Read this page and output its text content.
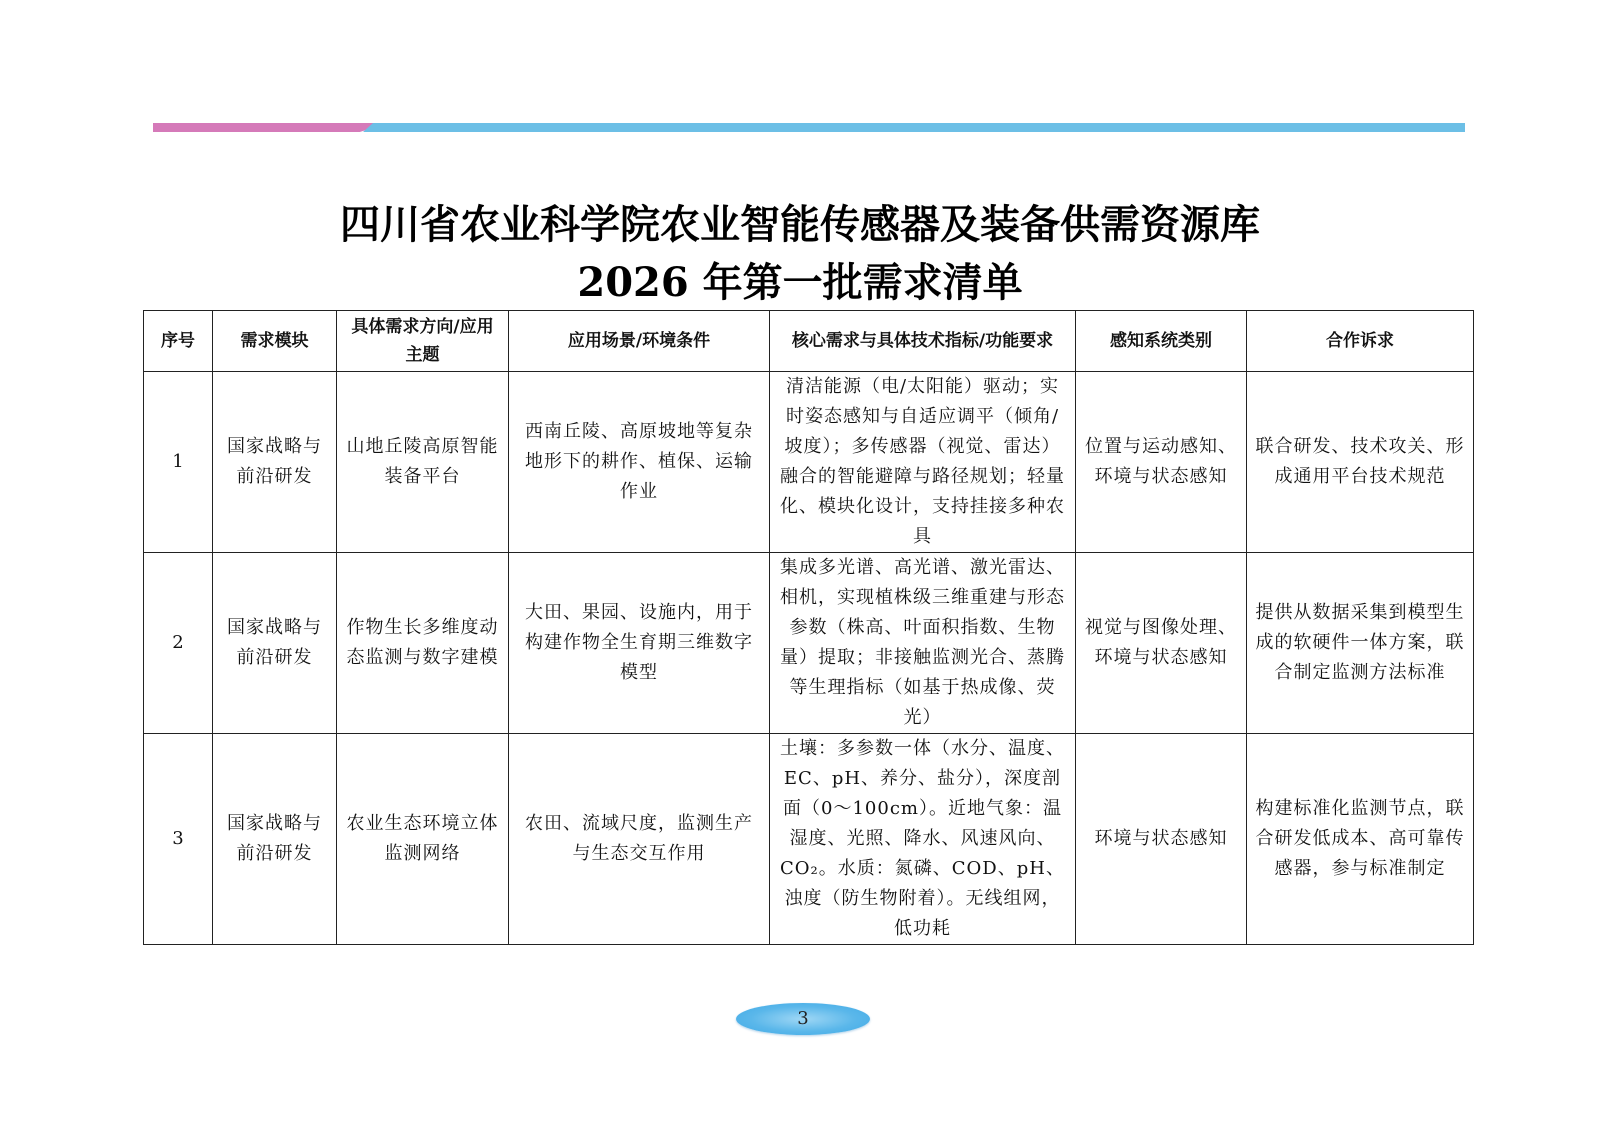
四川省农业科学院农业智能传感器及装备供需资源库
2026 年第一批需求清单
序号	需求模块	具体需求方向/应用主题	应用场景/环境条件	核心需求与具体技术指标/功能要求	感知系统类别	合作诉求
1	国家战略与前沿研发	山地丘陵高原智能装备平台	西南丘陵、高原坡地等复杂地形下的耕作、植保、运输作业	清洁能源（电/太阳能）驱动；实时姿态感知与自适应调平（倾角/坡度）；多传感器（视觉、雷达）融合的智能避障与路径规划；轻量化、模块化设计，支持挂接多种农具	位置与运动感知、环境与状态感知	联合研发、技术攻关、形成通用平台技术规范
2	国家战略与前沿研发	作物生长多维度动态监测与数字建模	大田、果园、设施内，用于构建作物全生育期三维数字模型	集成多光谱、高光谱、激光雷达、相机，实现植株级三维重建与形态参数（株高、叶面积指数、生物量）提取；非接触监测光合、蒸腾等生理指标（如基于热成像、荧光）	视觉与图像处理、环境与状态感知	提供从数据采集到模型生成的软硬件一体方案，联合制定监测方法标准
3	国家战略与前沿研发	农业生态环境立体监测网络	农田、流域尺度，监测生产与生态交互作用	土壤：多参数一体（水分、温度、EC、pH、养分、盐分），深度剖面（0～100cm）。近地气象：温湿度、光照、降水、风速风向、CO₂。水质：氮磷、COD、pH、浊度（防生物附着）。无线组网，低功耗	环境与状态感知	构建标准化监测节点，联合研发低成本、高可靠传感器，参与标准制定
3
